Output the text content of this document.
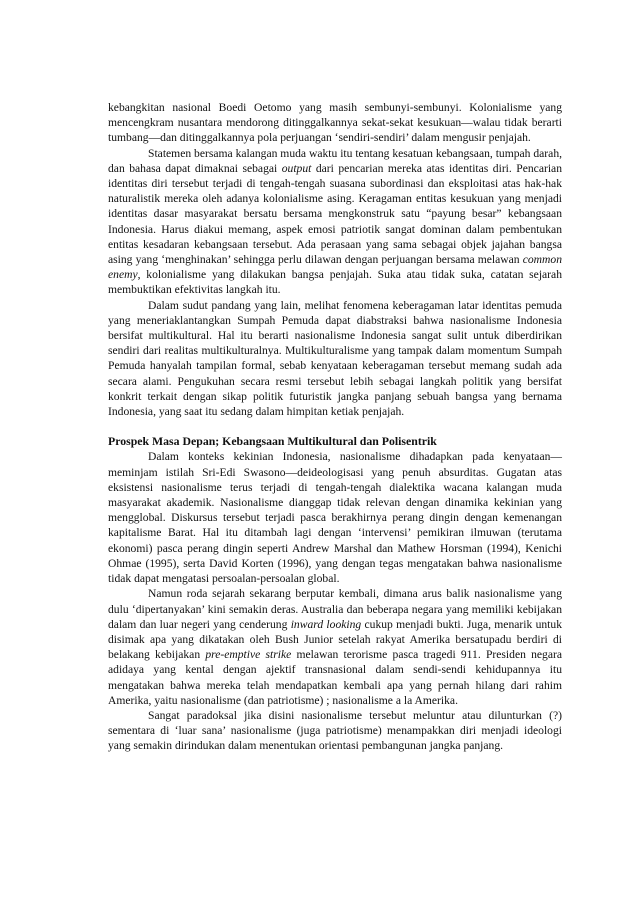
kebangkitan nasional Boedi Oetomo yang masih sembunyi-sembunyi. Kolonialisme yang mencengkram nusantara mendorong ditinggalkannya sekat-sekat kesukuan—walau tidak berarti tumbang—dan ditinggalkannya pola perjuangan ‘sendiri-sendiri’ dalam mengusir penjajah.

Statemen bersama kalangan muda waktu itu tentang kesatuan kebangsaan, tumpah darah, dan bahasa dapat dimaknai sebagai output dari pencarian mereka atas identitas diri. Pencarian identitas diri tersebut terjadi di tengah-tengah suasana subordinasi dan eksploitasi atas hak-hak naturalistik mereka oleh adanya kolonialisme asing. Keragaman entitas kesukuan yang menjadi identitas dasar masyarakat bersatu bersama mengkonstruk satu “payung besar” kebangsaan Indonesia. Harus diakui memang, aspek emosi patriotik sangat dominan dalam pembentukan entitas kesadaran kebangsaan tersebut. Ada perasaan yang sama sebagai objek jajahan bangsa asing yang ‘menghinakan’ sehingga perlu dilawan dengan perjuangan bersama melawan common enemy, kolonialisme yang dilakukan bangsa penjajah. Suka atau tidak suka, catatan sejarah membuktikan efektivitas langkah itu.

Dalam sudut pandang yang lain, melihat fenomena keberagaman latar identitas pemuda yang meneriaklantangkan Sumpah Pemuda dapat diabstraksi bahwa nasionalisme Indonesia bersifat multikultural. Hal itu berarti nasionalisme Indonesia sangat sulit untuk diberdirikan sendiri dari realitas multikulturalnya. Multikulturalisme yang tampak dalam momentum Sumpah Pemuda hanyalah tampilan formal, sebab kenyataan keberagaman tersebut memang sudah ada secara alami. Pengukuhan secara resmi tersebut lebih sebagai langkah politik yang bersifat konkrit terkait dengan sikap politik futuristik jangka panjang sebuah bangsa yang bernama Indonesia, yang saat itu sedang dalam himpitan ketiak penjajah.

Prospek Masa Depan; Kebangsaan Multikultural dan Polisentrik

Dalam konteks kekinian Indonesia, nasionalisme dihadapkan pada kenyataan—meminjam istilah Sri-Edi Swasono—deideologisasi yang penuh absurditas. Gugatan atas eksistensi nasionalisme terus terjadi di tengah-tengah dialektika wacana kalangan muda masyarakat akademik. Nasionalisme dianggap tidak relevan dengan dinamika kekinian yang mengglobal. Diskursus tersebut terjadi pasca berakhirnya perang dingin dengan kemenangan kapitalisme Barat. Hal itu ditambah lagi dengan ‘intervensi’ pemikiran ilmuwan (terutama ekonomi) pasca perang dingin seperti Andrew Marshal dan Mathew Horsman (1994), Kenichi Ohmae (1995), serta David Korten (1996), yang dengan tegas mengatakan bahwa nasionalisme tidak dapat mengatasi persoalan-persoalan global.

Namun roda sejarah sekarang berputar kembali, dimana arus balik nasionalisme yang dulu ‘dipertanyakan’ kini semakin deras. Australia dan beberapa negara yang memiliki kebijakan dalam dan luar negeri yang cenderung inward looking cukup menjadi bukti. Juga, menarik untuk disimak apa yang dikatakan oleh Bush Junior setelah rakyat Amerika bersatupadu berdiri di belakang kebijakan pre-emptive strike melawan terorisme pasca tragedi 911. Presiden negara adidaya yang kental dengan ajektif transnasional dalam sendi-sendi kehidupannya itu mengatakan bahwa mereka telah mendapatkan kembali apa yang pernah hilang dari rahim Amerika, yaitu nasionalisme (dan patriotisme) ; nasionalisme a la Amerika.

Sangat paradoksal jika disini nasionalisme tersebut meluntur atau dilunturkan (?) sementara di ‘luar sana’ nasionalisme (juga patriotisme) menampakkan diri menjadi ideologi yang semakin dirindukan dalam menentukan orientasi pembangunan jangka panjang.
